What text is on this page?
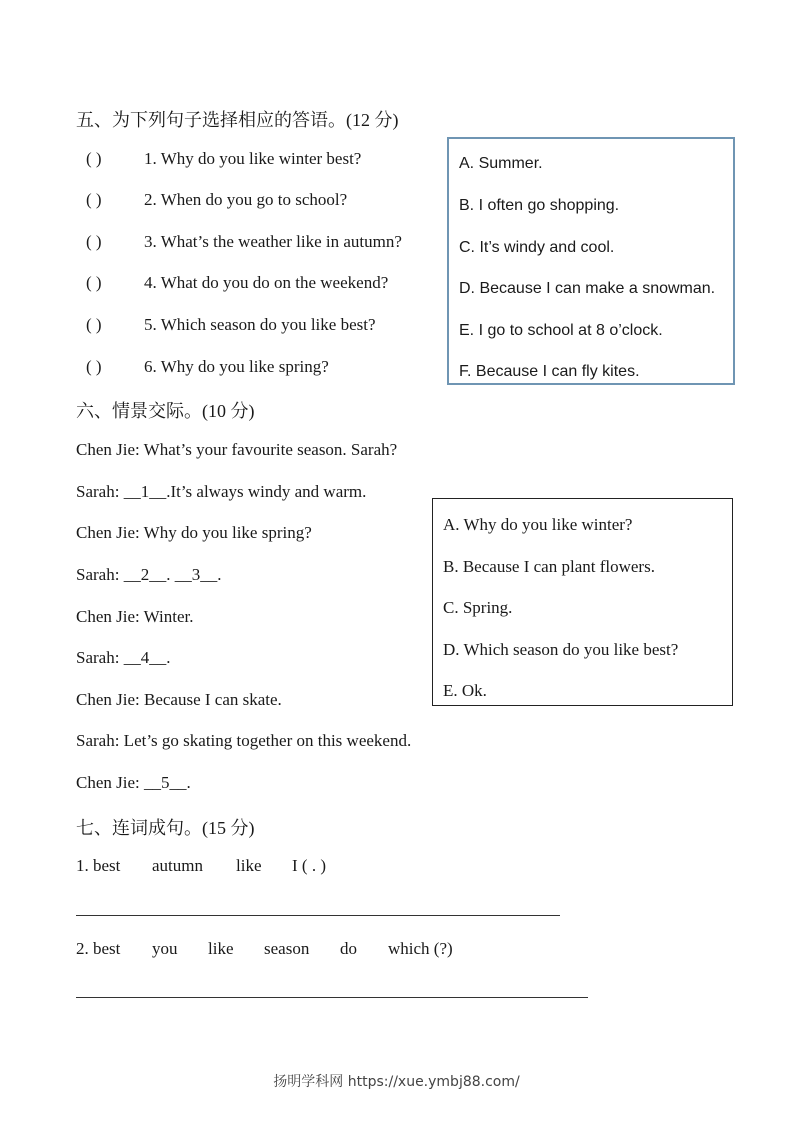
五、为下列句子选择相应的答语。(12 分)
( ) 1. Why do you like winter best?
( ) 2. When do you go to school?
( ) 3. What’s the weather like in autumn?
( ) 4. What do you do on the weekend?
( ) 5. Which season do you like best?
( ) 6. Why do you like spring?
A. Summer.
B. I often go shopping.
C. It’s windy and cool.
D. Because I can make a snowman.
E. I go to school at 8 o’clock.
F. Because I can fly kites.
六、情景交际。(10 分)
Chen Jie: What’s your favourite season. Sarah?
Sarah: __1__.It’s always windy and warm.
Chen Jie: Why do you like spring?
Sarah: __2__. __3__.
Chen Jie: Winter.
Sarah: __4__.
Chen Jie: Because I can skate.
Sarah: Let’s go skating together on this weekend.
Chen Jie: __5__.
A. Why do you like winter?
B. Because I can plant flowers.
C. Spring.
D. Which season do you like best?
E. Ok.
七、连词成句。(15 分)
1. best autumn like I ( . )
2. best you like season do which (?)
扬明学科网 https://xue.ymbj88.com/
